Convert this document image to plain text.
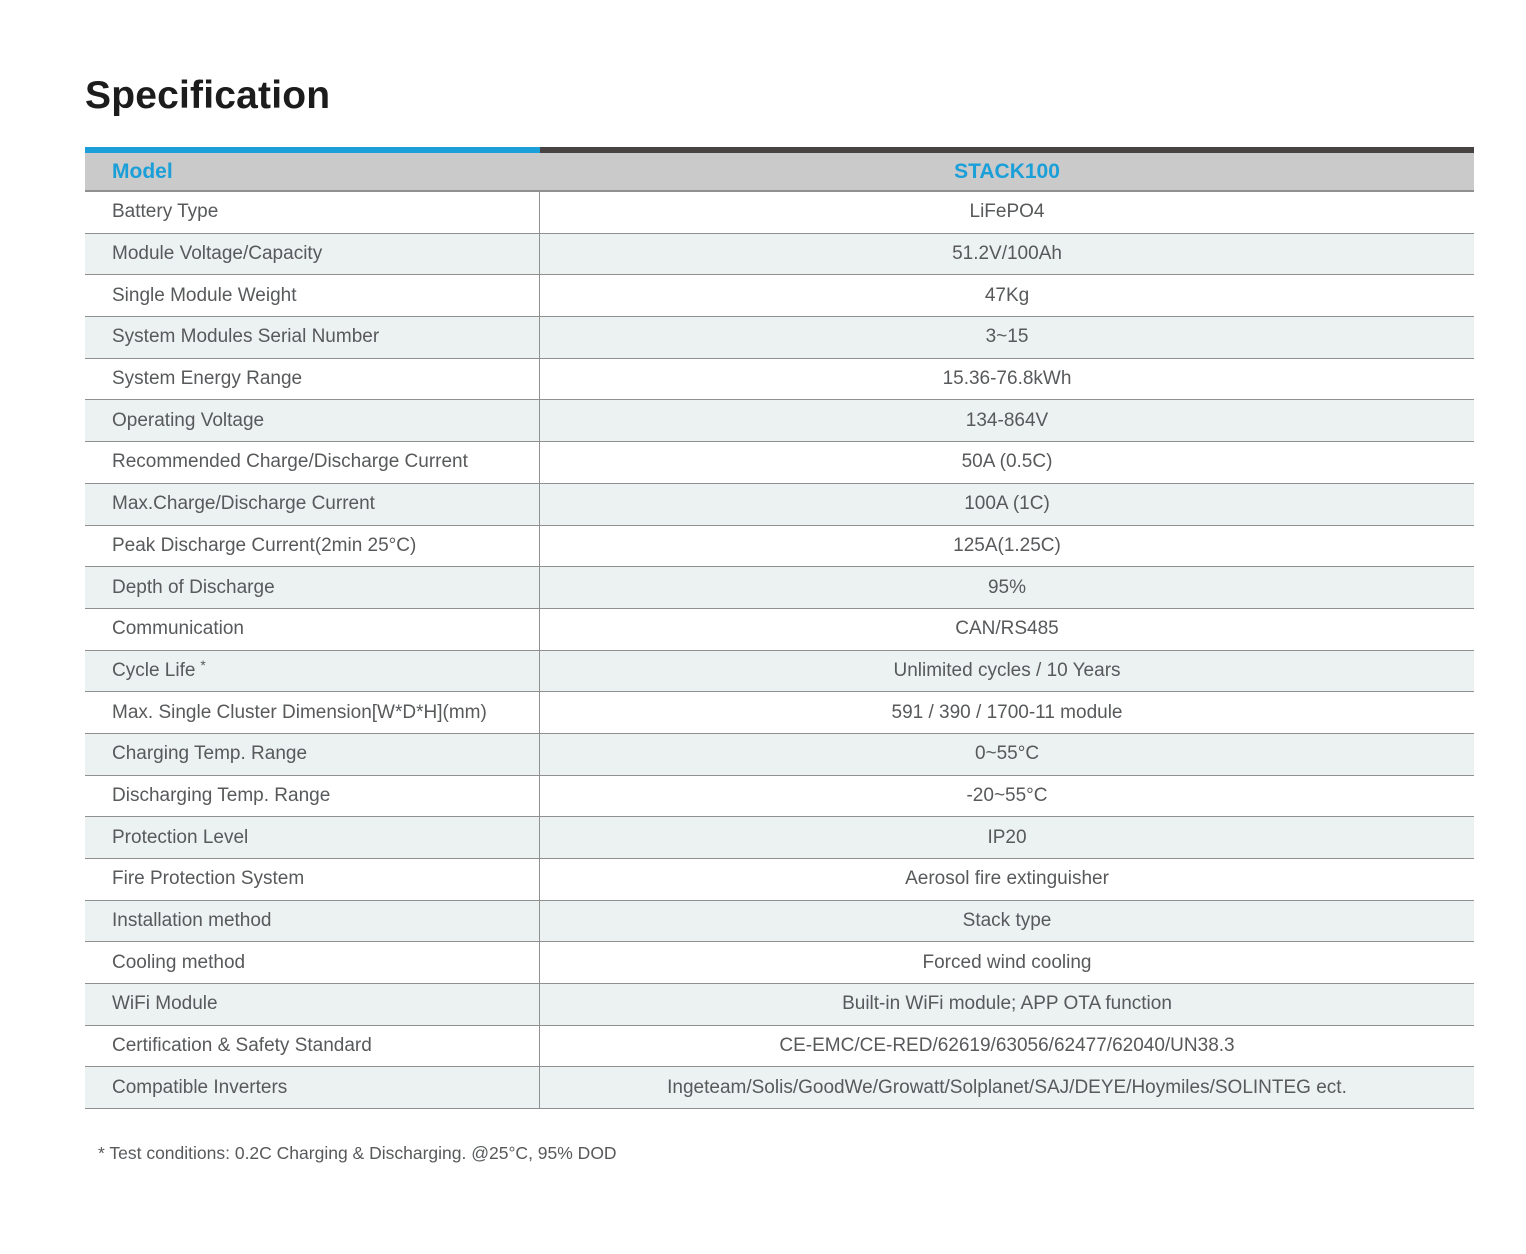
Specification
Model	STACK100
Battery Type	LiFePO4
Module Voltage/Capacity	51.2V/100Ah
Single Module Weight	47Kg
System Modules Serial Number	3~15
System Energy Range	15.36-76.8kWh
Operating Voltage	134-864V
Recommended Charge/Discharge Current	50A (0.5C)
Max.Charge/Discharge Current	100A (1C)
Peak Discharge Current(2min 25°C)	125A(1.25C)
Depth of Discharge	95%
Communication	CAN/RS485
Cycle Life *	Unlimited cycles / 10 Years
Max. Single Cluster Dimension[W*D*H](mm)	591 / 390 / 1700-11 module
Charging Temp. Range	0~55°C
Discharging Temp. Range	-20~55°C
Protection Level	IP20
Fire Protection System	Aerosol fire extinguisher
Installation method	Stack type
Cooling method	Forced wind cooling
WiFi Module	Built-in WiFi module; APP OTA function
Certification & Safety Standard	CE-EMC/CE-RED/62619/63056/62477/62040/UN38.3
Compatible Inverters	Ingeteam/Solis/GoodWe/Growatt/Solplanet/SAJ/DEYE/Hoymiles/SOLINTEG ect.

* Test conditions: 0.2C Charging & Discharging. @25°C, 95% DOD
